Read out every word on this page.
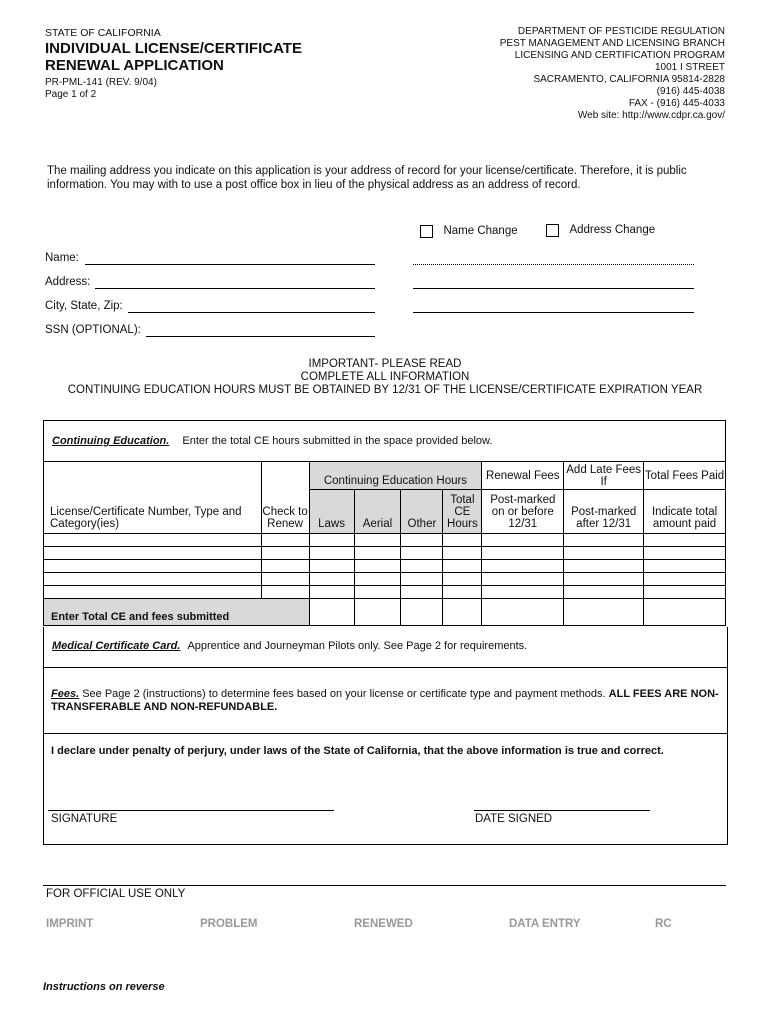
STATE OF CALIFORNIA
INDIVIDUAL LICENSE/CERTIFICATE
RENEWAL APPLICATION
PR-PML-141 (REV. 9/04)
Page 1 of 2
DEPARTMENT OF PESTICIDE REGULATION
PEST MANAGEMENT AND LICENSING BRANCH
LICENSING AND CERTIFICATION PROGRAM
1001 I STREET
SACRAMENTO, CALIFORNIA 95814-2828
(916) 445-4038
FAX - (916) 445-4033
Web site: http://www.cdpr.ca.gov/
The mailing address you indicate on this application is your address of record for your license/certificate. Therefore, it is public information. You may with to use a post office box in lieu of the physical address as an address of record.
$^{Name Change}$	$^{Address Change}$
Name:
Address:
City, State, Zip:
SSN (OPTIONAL):
IMPORTANT- PLEASE READ
COMPLETE ALL INFORMATION
CONTINUING EDUCATION HOURS MUST BE OBTAINED BY 12/31 OF THE LICENSE/CERTIFICATE EXPIRATION YEAR
Continuing Education. Enter the total CE hours submitted in the space provided below.
License/Certificate Number, Type and Category(ies)	Check to Renew	Continuing Education Hours				Renewal Fees	Add Late Fees If	Total Fees Paid
		Laws	Aerial	Other	Total CE Hours	Post-marked on or before 12/31	Post-marked after 12/31	Indicate total amount paid

Enter Total CE and fees submitted								
Medical Certificate Card. Apprentice and Journeyman Pilots only. See Page 2 for requirements.
Fees. See Page 2 (instructions) to determine fees based on your license or certificate type and payment methods. ALL FEES ARE NON-TRANSFERABLE AND NON-REFUNDABLE.
I declare under penalty of perjury, under laws of the State of California, that the above information is true and correct.
SIGNATURE	DATE SIGNED
FOR OFFICIAL USE ONLY
IMPRINT	PROBLEM	RENEWED	DATA ENTRY	RC
Instructions on reverse
